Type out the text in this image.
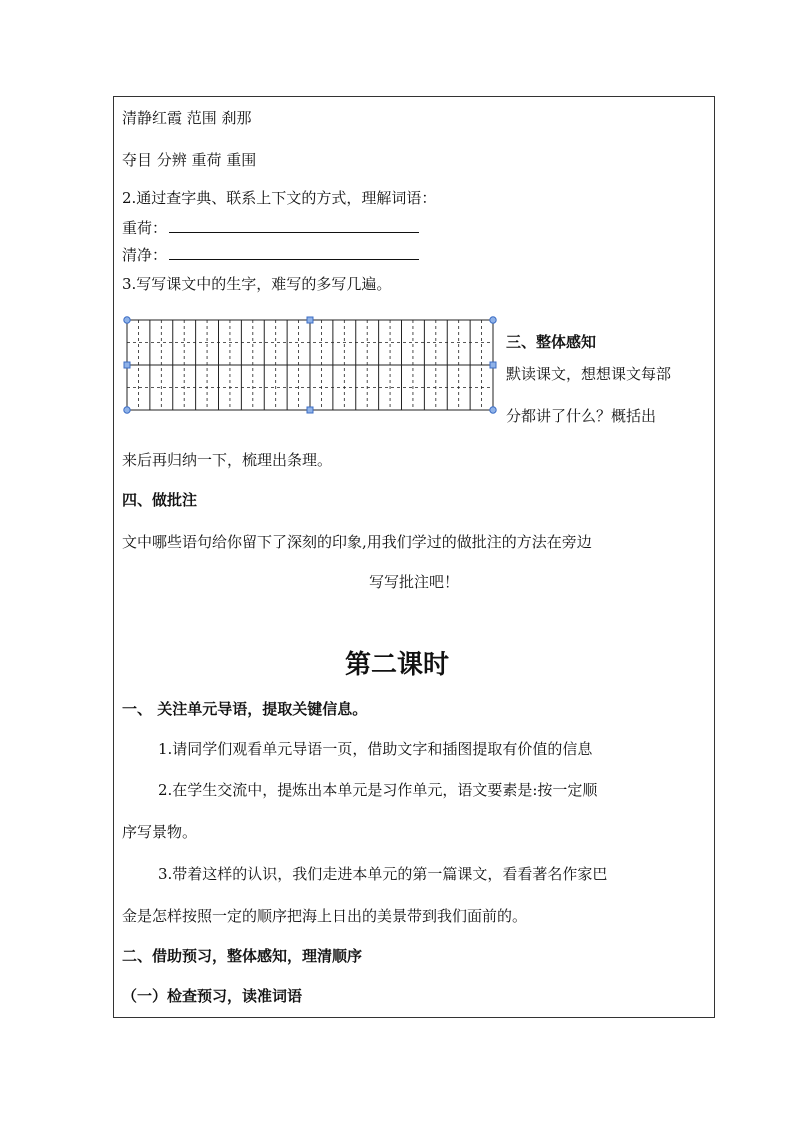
清静红霞 范围 刹那
夺目 分辨 重荷 重围
2.通过查字典、联系上下文的方式，理解词语：
重荷：
清净：
3.写写课文中的生字，难写的多写几遍。
三、整体感知
默读课文，想想课文每部
分都讲了什么？概括出
来后再归纳一下，梳理出条理。
四、做批注
文中哪些语句给你留下了深刻的印象,用我们学过的做批注的方法在旁边
写写批注吧！
第二课时
一、 关注单元导语，提取关键信息。
1.请同学们观看单元导语一页，借助文字和插图提取有价值的信息
2.在学生交流中，提炼出本单元是习作单元，语文要素是:按一定顺
序写景物。
3.带着这样的认识，我们走进本单元的第一篇课文，看看著名作家巴
金是怎样按照一定的顺序把海上日出的美景带到我们面前的。
二、借助预习，整体感知，理清顺序
（一）检查预习，读准词语
